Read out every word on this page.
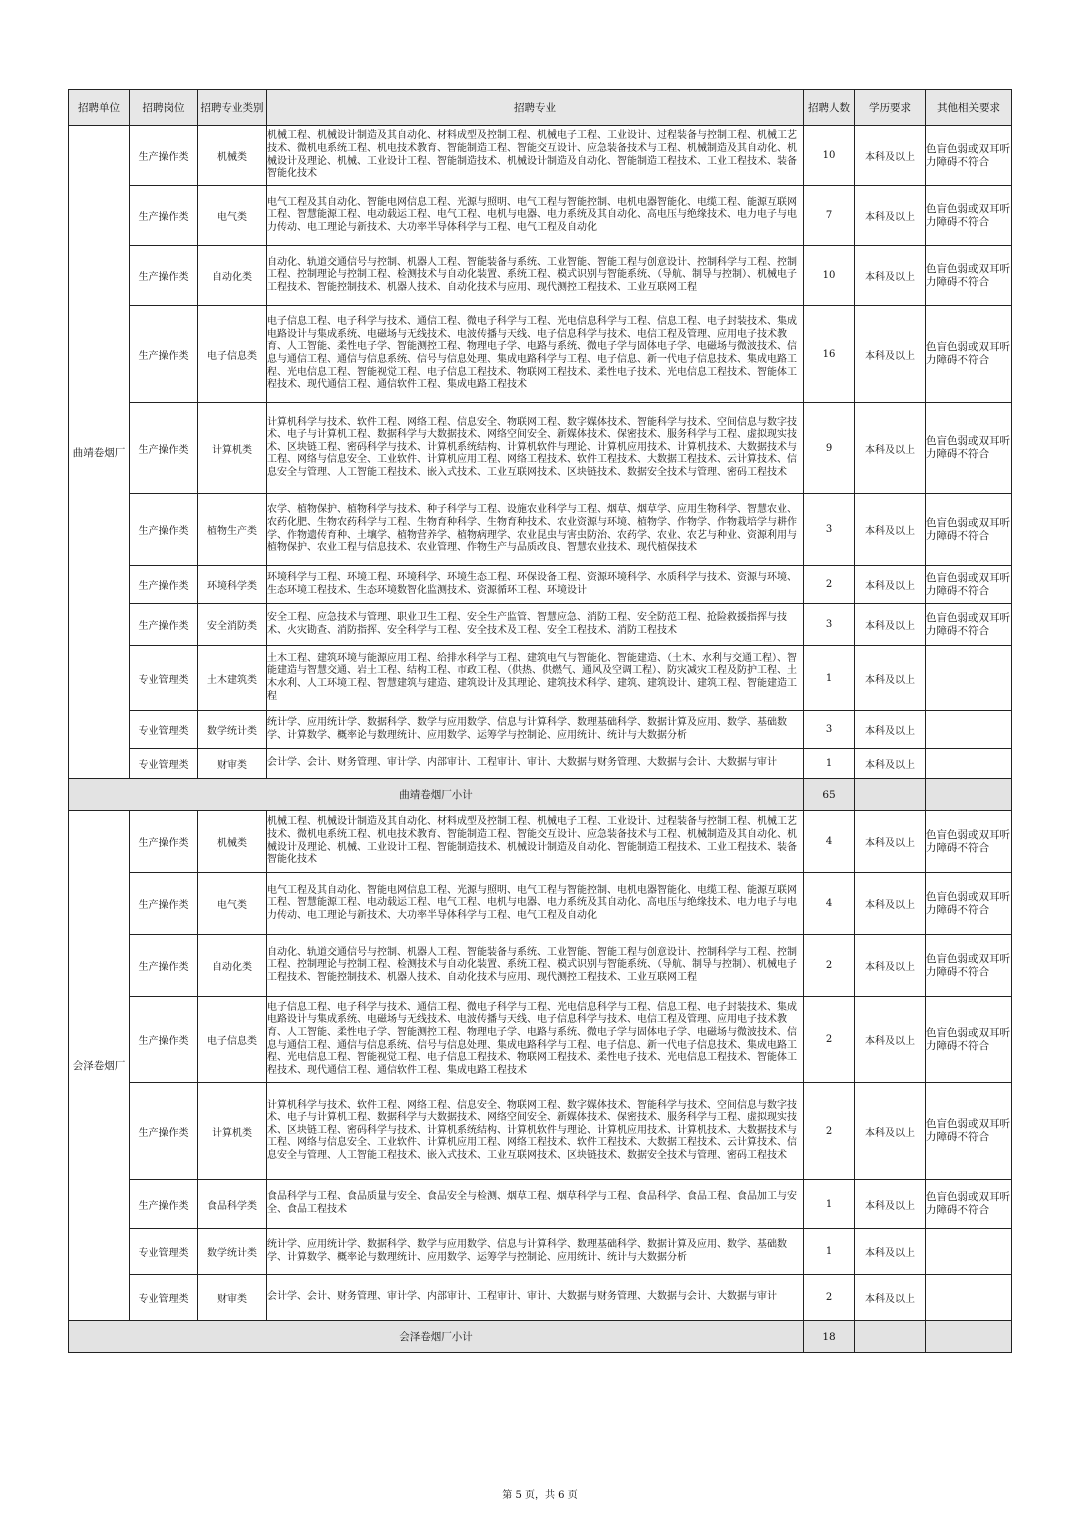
招聘单位	招聘岗位	招聘专业类别	招聘专业	招聘人数	学历要求	其他相关要求
曲靖卷烟厂	生产操作类	机械类	机械工程、机械设计制造及其自动化、材料成型及控制工程、机械电子工程、工业设计、过程装备与控制工程、机械工艺技术、微机电系统工程、机电技术教育、智能制造工程、智能交互设计、应急装备技术与工程、机械制造及其自动化、机械设计及理论、机械、工业设计工程、智能制造技术、机械设计制造及自动化、智能制造工程技术、工业工程技术、装备智能化技术	10	本科及以上	色盲色弱或双耳听力障碍不符合
	生产操作类	电气类	电气工程及其自动化、智能电网信息工程、光源与照明、电气工程与智能控制、电机电器智能化、电缆工程、能源互联网工程、智慧能源工程、电动载运工程、电气工程、电机与电器、电力系统及其自动化、高电压与绝缘技术、电力电子与电力传动、电工理论与新技术、大功率半导体科学与工程、电气工程及自动化	7	本科及以上	色盲色弱或双耳听力障碍不符合
	生产操作类	自动化类	自动化、轨道交通信号与控制、机器人工程、智能装备与系统、工业智能、智能工程与创意设计、控制科学与工程、控制工程、控制理论与控制工程、检测技术与自动化装置、系统工程、模式识别与智能系统、（导航、制导与控制）、机械电子工程技术、智能控制技术、机器人技术、自动化技术与应用、现代测控工程技术、工业互联网工程	10	本科及以上	色盲色弱或双耳听力障碍不符合
	生产操作类	电子信息类	电子信息工程、电子科学与技术、通信工程、微电子科学与工程、光电信息科学与工程、信息工程、电子封装技术、集成电路设计与集成系统、电磁场与无线技术、电波传播与天线、电子信息科学与技术、电信工程及管理、应用电子技术教育、人工智能、柔性电子学、智能测控工程、物理电子学、电路与系统、微电子学与固体电子学、电磁场与微波技术、信息与通信工程、通信与信息系统、信号与信息处理、集成电路科学与工程、电子信息、新一代电子信息技术、集成电路工程、光电信息工程、智能视觉工程、电子信息工程技术、物联网工程技术、柔性电子技术、光电信息工程技术、智能体工程技术、现代通信工程、通信软件工程、集成电路工程技术	16	本科及以上	色盲色弱或双耳听力障碍不符合
	生产操作类	计算机类	计算机科学与技术、软件工程、网络工程、信息安全、物联网工程、数字媒体技术、智能科学与技术、空间信息与数字技术、电子与计算机工程、数据科学与大数据技术、网络空间安全、新媒体技术、保密技术、服务科学与工程、虚拟现实技术、区块链工程、密码科学与技术、计算机系统结构、计算机软件与理论、计算机应用技术、计算机技术、大数据技术与工程、网络与信息安全、工业软件、计算机应用工程、网络工程技术、软件工程技术、大数据工程技术、云计算技术、信息安全与管理、人工智能工程技术、嵌入式技术、工业互联网技术、区块链技术、数据安全技术与管理、密码工程技术	9	本科及以上	色盲色弱或双耳听力障碍不符合
	生产操作类	植物生产类	农学、植物保护、植物科学与技术、种子科学与工程、设施农业科学与工程、烟草、烟草学、应用生物科学、智慧农业、农药化肥、生物农药科学与工程、生物育种科学、生物育种技术、农业资源与环境、植物学、作物学、作物栽培学与耕作学、作物遗传育种、土壤学、植物营养学、植物病理学、农业昆虫与害虫防治、农药学、农业、农艺与种业、资源利用与植物保护、农业工程与信息技术、农业管理、作物生产与品质改良、智慧农业技术、现代植保技术	3	本科及以上	色盲色弱或双耳听力障碍不符合
	生产操作类	环境科学类	环境科学与工程、环境工程、环境科学、环境生态工程、环保设备工程、资源环境科学、水质科学与技术、资源与环境、生态环境工程技术、生态环境数智化监测技术、资源循环工程、环境设计	2	本科及以上	色盲色弱或双耳听力障碍不符合
	生产操作类	安全消防类	安全工程、应急技术与管理、职业卫生工程、安全生产监管、智慧应急、消防工程、安全防范工程、抢险救援指挥与技术、火灾勘查、消防指挥、安全科学与工程、安全技术及工程、安全工程技术、消防工程技术	3	本科及以上	色盲色弱或双耳听力障碍不符合
	专业管理类	土木建筑类	土木工程、建筑环境与能源应用工程、给排水科学与工程、建筑电气与智能化、智能建造、（土木、水利与交通工程）、智能建造与智慧交通、岩土工程、结构工程、市政工程、（供热、供燃气、通风及空调工程）、防灾减灾工程及防护工程、土木水利、人工环境工程、智慧建筑与建造、建筑设计及其理论、建筑技术科学、建筑、建筑设计、建筑工程、智能建造工程	1	本科及以上	
	专业管理类	数学统计类	统计学、应用统计学、数据科学、数学与应用数学、信息与计算科学、数理基础科学、数据计算及应用、数学、基础数学、计算数学、概率论与数理统计、应用数学、运筹学与控制论、应用统计、统计与大数据分析	3	本科及以上	
	专业管理类	财审类	会计学、会计、财务管理、审计学、内部审计、工程审计、审计、大数据与财务管理、大数据与会计、大数据与审计	1	本科及以上	
曲靖卷烟厂小计				65		
会泽卷烟厂	生产操作类	机械类	机械工程、机械设计制造及其自动化、材料成型及控制工程、机械电子工程、工业设计、过程装备与控制工程、机械工艺技术、微机电系统工程、机电技术教育、智能制造工程、智能交互设计、应急装备技术与工程、机械制造及其自动化、机械设计及理论、机械、工业设计工程、智能制造技术、机械设计制造及自动化、智能制造工程技术、工业工程技术、装备智能化技术	4	本科及以上	色盲色弱或双耳听力障碍不符合
	生产操作类	电气类	电气工程及其自动化、智能电网信息工程、光源与照明、电气工程与智能控制、电机电器智能化、电缆工程、能源互联网工程、智慧能源工程、电动载运工程、电气工程、电机与电器、电力系统及其自动化、高电压与绝缘技术、电力电子与电力传动、电工理论与新技术、大功率半导体科学与工程、电气工程及自动化	4	本科及以上	色盲色弱或双耳听力障碍不符合
	生产操作类	自动化类	自动化、轨道交通信号与控制、机器人工程、智能装备与系统、工业智能、智能工程与创意设计、控制科学与工程、控制工程、控制理论与控制工程、检测技术与自动化装置、系统工程、模式识别与智能系统、（导航、制导与控制）、机械电子工程技术、智能控制技术、机器人技术、自动化技术与应用、现代测控工程技术、工业互联网工程	2	本科及以上	色盲色弱或双耳听力障碍不符合
	生产操作类	电子信息类	电子信息工程、电子科学与技术、通信工程、微电子科学与工程、光电信息科学与工程、信息工程、电子封装技术、集成电路设计与集成系统、电磁场与无线技术、电波传播与天线、电子信息科学与技术、电信工程及管理、应用电子技术教育、人工智能、柔性电子学、智能测控工程、物理电子学、电路与系统、微电子学与固体电子学、电磁场与微波技术、信息与通信工程、通信与信息系统、信号与信息处理、集成电路科学与工程、电子信息、新一代电子信息技术、集成电路工程、光电信息工程、智能视觉工程、电子信息工程技术、物联网工程技术、柔性电子技术、光电信息工程技术、智能体工程技术、现代通信工程、通信软件工程、集成电路工程技术	2	本科及以上	色盲色弱或双耳听力障碍不符合
	生产操作类	计算机类	计算机科学与技术、软件工程、网络工程、信息安全、物联网工程、数字媒体技术、智能科学与技术、空间信息与数字技术、电子与计算机工程、数据科学与大数据技术、网络空间安全、新媒体技术、保密技术、服务科学与工程、虚拟现实技术、区块链工程、密码科学与技术、计算机系统结构、计算机软件与理论、计算机应用技术、计算机技术、大数据技术与工程、网络与信息安全、工业软件、计算机应用工程、网络工程技术、软件工程技术、大数据工程技术、云计算技术、信息安全与管理、人工智能工程技术、嵌入式技术、工业互联网技术、区块链技术、数据安全技术与管理、密码工程技术	2	本科及以上	色盲色弱或双耳听力障碍不符合
	生产操作类	食品科学类	食品科学与工程、食品质量与安全、食品安全与检测、烟草工程、烟草科学与工程、食品科学、食品工程、食品加工与安全、食品工程技术	1	本科及以上	色盲色弱或双耳听力障碍不符合
	专业管理类	数学统计类	统计学、应用统计学、数据科学、数学与应用数学、信息与计算科学、数理基础科学、数据计算及应用、数学、基础数学、计算数学、概率论与数理统计、应用数学、运筹学与控制论、应用统计、统计与大数据分析	1	本科及以上	
	专业管理类	财审类	会计学、会计、财务管理、审计学、内部审计、工程审计、审计、大数据与财务管理、大数据与会计、大数据与审计	2	本科及以上	
会泽卷烟厂小计				18		
第 5 页，共 6 页
